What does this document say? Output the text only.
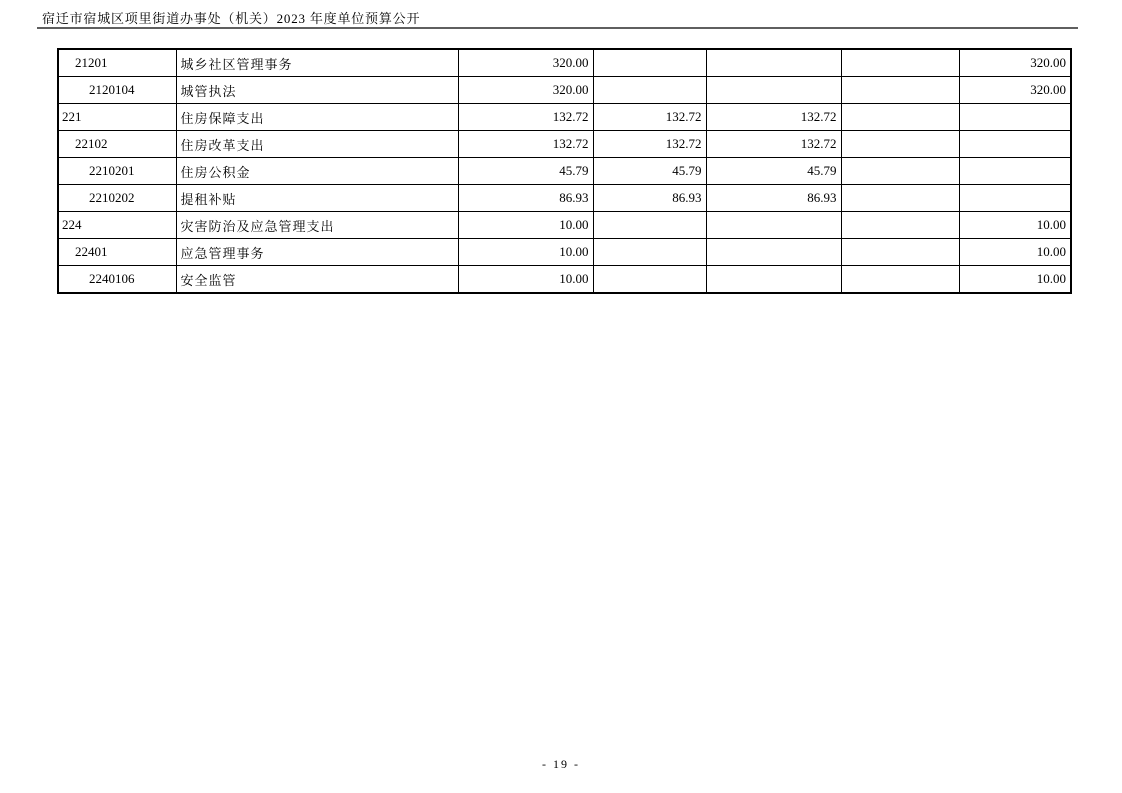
宿迁市宿城区项里街道办事处（机关）2023 年度单位预算公开
21201	城乡社区管理事务	320.00				320.00
2120104	城管执法	320.00				320.00
221	住房保障支出	132.72	132.72	132.72		
22102	住房改革支出	132.72	132.72	132.72		
2210201	住房公积金	45.79	45.79	45.79		
2210202	提租补贴	86.93	86.93	86.93		
224	灾害防治及应急管理支出	10.00				10.00
22401	应急管理事务	10.00				10.00
2240106	安全监管	10.00				10.00
- 19 -
